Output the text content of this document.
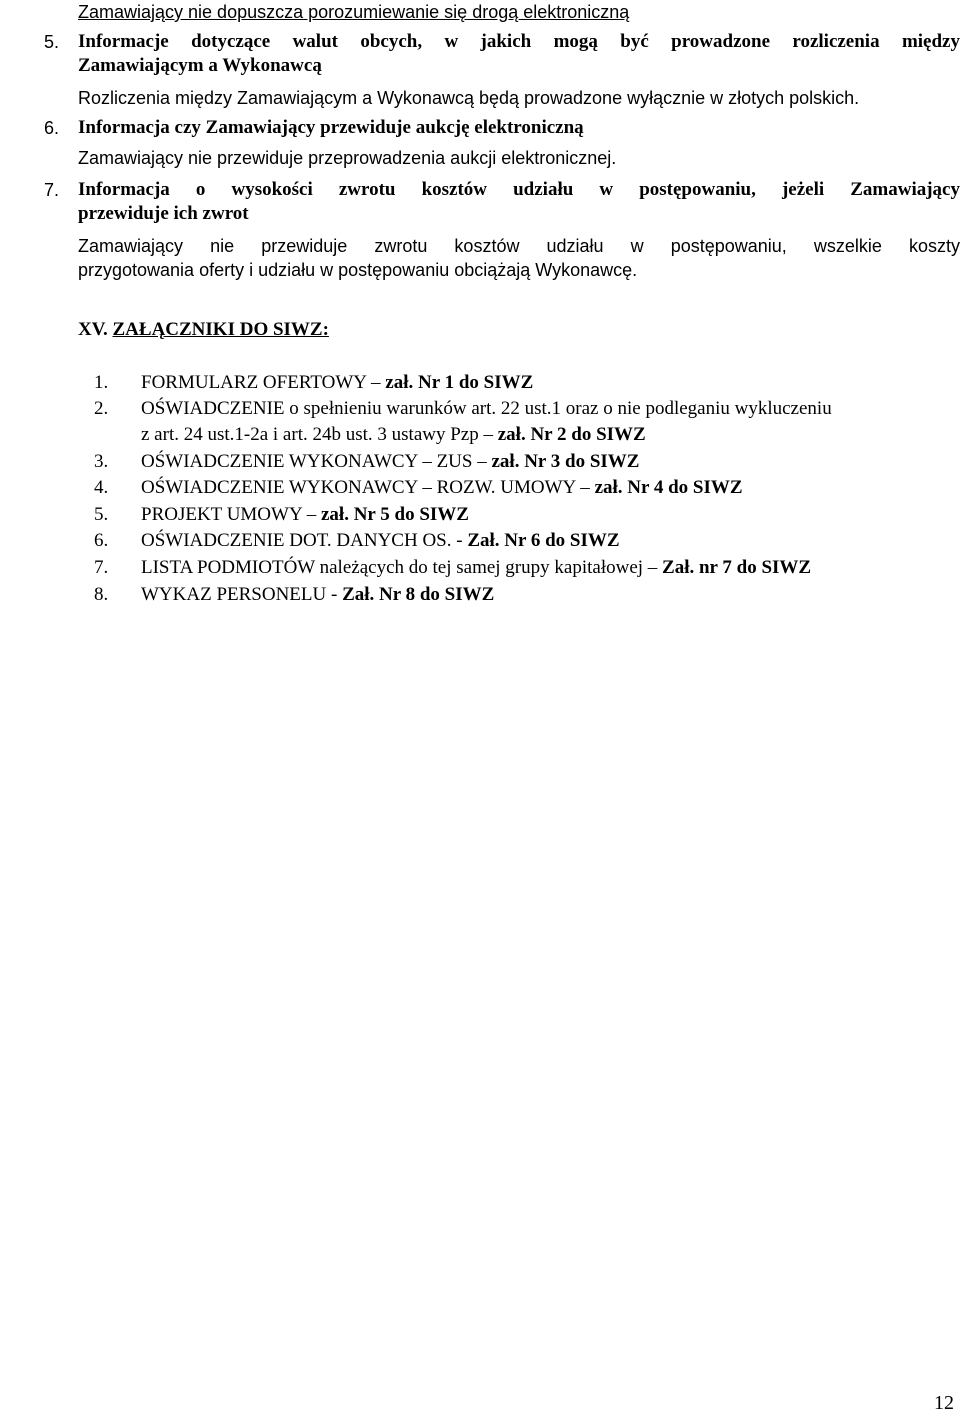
Zamawiający nie dopuszcza porozumiewanie się drogą elektroniczną
5. Informacje dotyczące walut obcych, w jakich mogą być prowadzone rozliczenia między
Zamawiającym a Wykonawcą
Rozliczenia między Zamawiającym a Wykonawcą będą prowadzone wyłącznie w złotych polskich.
6. Informacja czy Zamawiający przewiduje aukcję elektroniczną
Zamawiający nie przewiduje przeprowadzenia aukcji elektronicznej.
7. Informacja o wysokości zwrotu kosztów udziału w postępowaniu, jeżeli Zamawiający
przewiduje ich zwrot
Zamawiający nie przewiduje zwrotu kosztów udziału w postępowaniu, wszelkie koszty
przygotowania oferty i udziału w postępowaniu obciążają Wykonawcę.
XV. ZAŁĄCZNIKI DO SIWZ:
1. FORMULARZ OFERTOWY – zał. Nr 1 do SIWZ
2. OŚWIADCZENIE o spełnieniu warunków art. 22 ust.1 oraz o nie podleganiu wykluczeniu
z art. 24 ust.1-2a i art. 24b ust. 3 ustawy Pzp – zał. Nr 2 do SIWZ
3. OŚWIADCZENIE WYKONAWCY – ZUS – zał. Nr 3 do SIWZ
4. OŚWIADCZENIE WYKONAWCY – ROZW. UMOWY – zał. Nr 4 do SIWZ
5. PROJEKT UMOWY – zał. Nr 5 do SIWZ
6. OŚWIADCZENIE DOT. DANYCH OS. - Zał. Nr 6 do SIWZ
7. LISTA PODMIOTÓW należących do tej samej grupy kapitałowej – Zał. nr 7 do SIWZ
8. WYKAZ PERSONELU - Zał. Nr 8 do SIWZ
12
